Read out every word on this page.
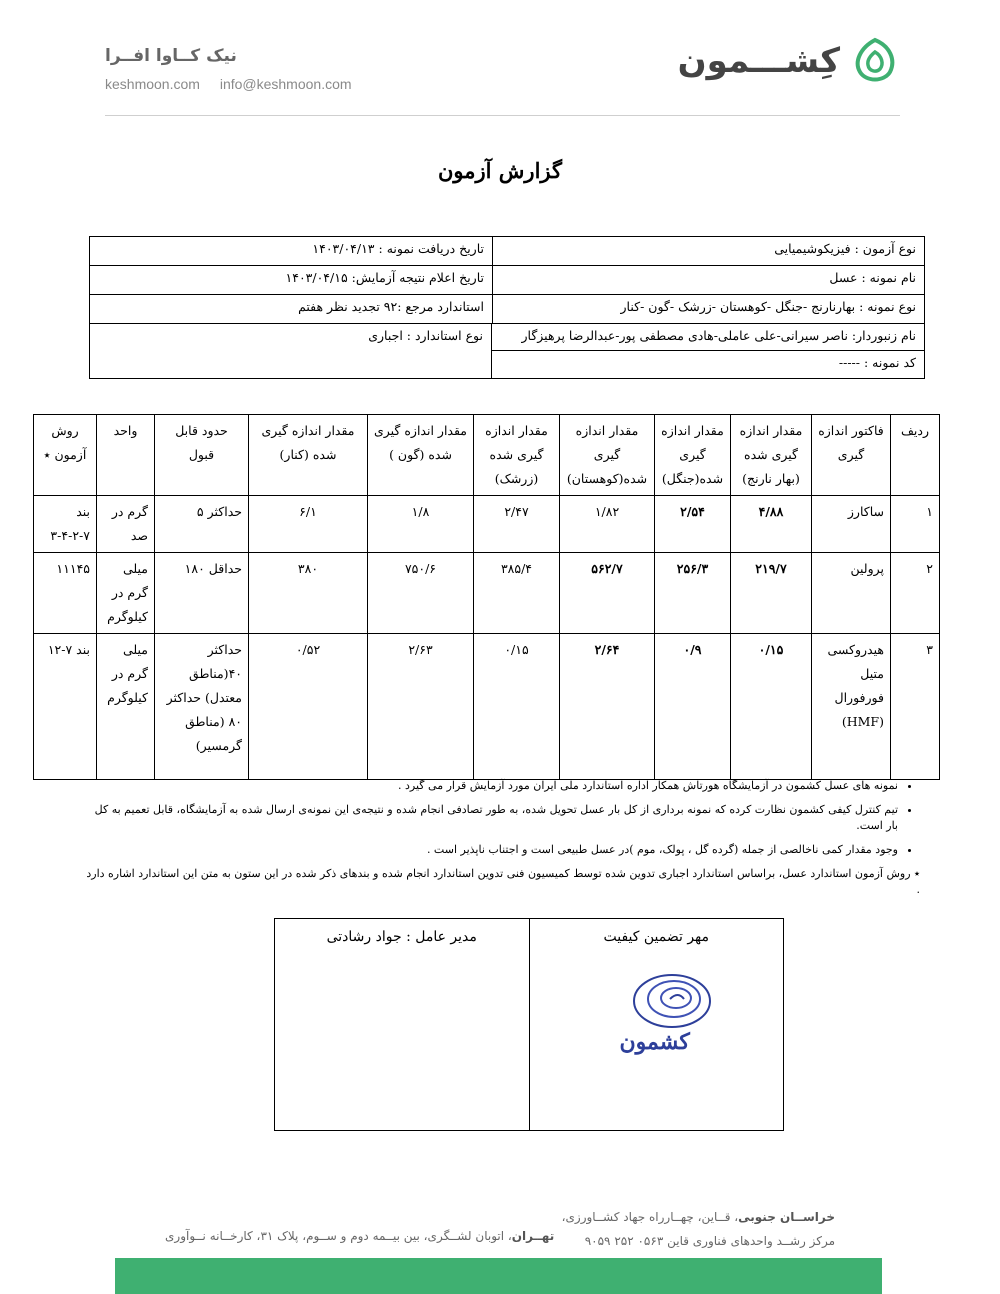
نیک کــاوا افــرا
keshmoon.com info@keshmoon.com
کِشـــمون
گزارش آزمون
نوع آزمون : فیزیکوشیمیایی
تاریخ دریافت نمونه : ۱۴۰۳/۰۴/۱۳
نام نمونه : عسل
تاریخ اعلام نتیجه آزمایش: ۱۴۰۳/۰۴/۱۵
نوع نمونه : بهارنارنج -جنگل -کوهستان -زرشک -گون -کنار
استاندارد مرجع :۹۲ تجدید نظر هفتم
نام زنبوردار: ناصر سیرانی-علی عاملی-هادی مصطفی پور-عبدالرضا پرهیزگار
کد نمونه : -----
نوع استاندارد : اجباری
ردیف	فاکتور اندازه گیری	مقدار اندازه گیری شده (بهار نارنج)	مقدار اندازه گیری شده(جنگل)	مقدار اندازه گیری شده(کوهستان)	مقدار اندازه گیری شده (زرشک)	مقدار اندازه گیری شده (گون )	مقدار اندازه گیری شده (کنار)	حدود قابل قبول	واحد	روش آزمون ٭
۱	ساکارز	۴/۸۸	۲/۵۴	۱/۸۲	۲/۴۷	۱/۸	۶/۱	حداکثر ۵	گرم در صد	بند ۷-۲-۴-۳
۲	پرولین	۲۱۹/۷	۲۵۶/۳	۵۶۲/۷	۳۸۵/۴	۷۵۰/۶	۳۸۰	حداقل ۱۸۰	میلی گرم در کیلوگرم	۱۱۱۴۵
۳	هیدروکسی متیل فورفورال (HMF)	۰/۱۵	۰/۹	۲/۶۴	۰/۱۵	۲/۶۳	۰/۵۲	حداکثر ۴۰(مناطق معتدل) حداکثر ۸۰ (مناطق گرمسیر)	میلی گرم در کیلوگرم	بند ۷-۱۲
• نمونه های عسل کشمون در آزمایشگاه هورتاش همکار اداره استاندارد ملی ایران مورد آزمایش قرار می گیرد .
• تیم کنترل کیفی کشمون نظارت کرده که نمونه برداری از کل بار عسل تحویل شده، به طور تصادفی انجام شده و نتیجه‌ی این نمونه‌ی ارسال شده به آزمایشگاه، قابل تعمیم به کل بار است.
• وجود مقدار کمی ناخالصی از جمله (گرده گل ، پولک، موم )در عسل طبیعی است و اجتناب ناپذیر است .

٭ روش آزمون استاندارد عسل، براساس استاندارد اجباری تدوین شده توسط کمیسیون فنی تدوین استاندارد انجام شده و بندهای ذکر شده در این ستون به متن این استاندارد اشاره دارد .

مهر تضمین کیفیت
کشمون
مدیر عامل : جواد رشادتی
خراســان جنوبی، قــاین، چهــارراه جهاد کشــاورزی،
مرکز رشــد واحدهای فناوری قاین ۰۵۶۳ ۲۵۲ ۹۰۵۹
تهــران، اتوبان لشــگری، بین بیــمه دوم و ســوم، پلاک ۳۱، کارخــانه نــوآوری
